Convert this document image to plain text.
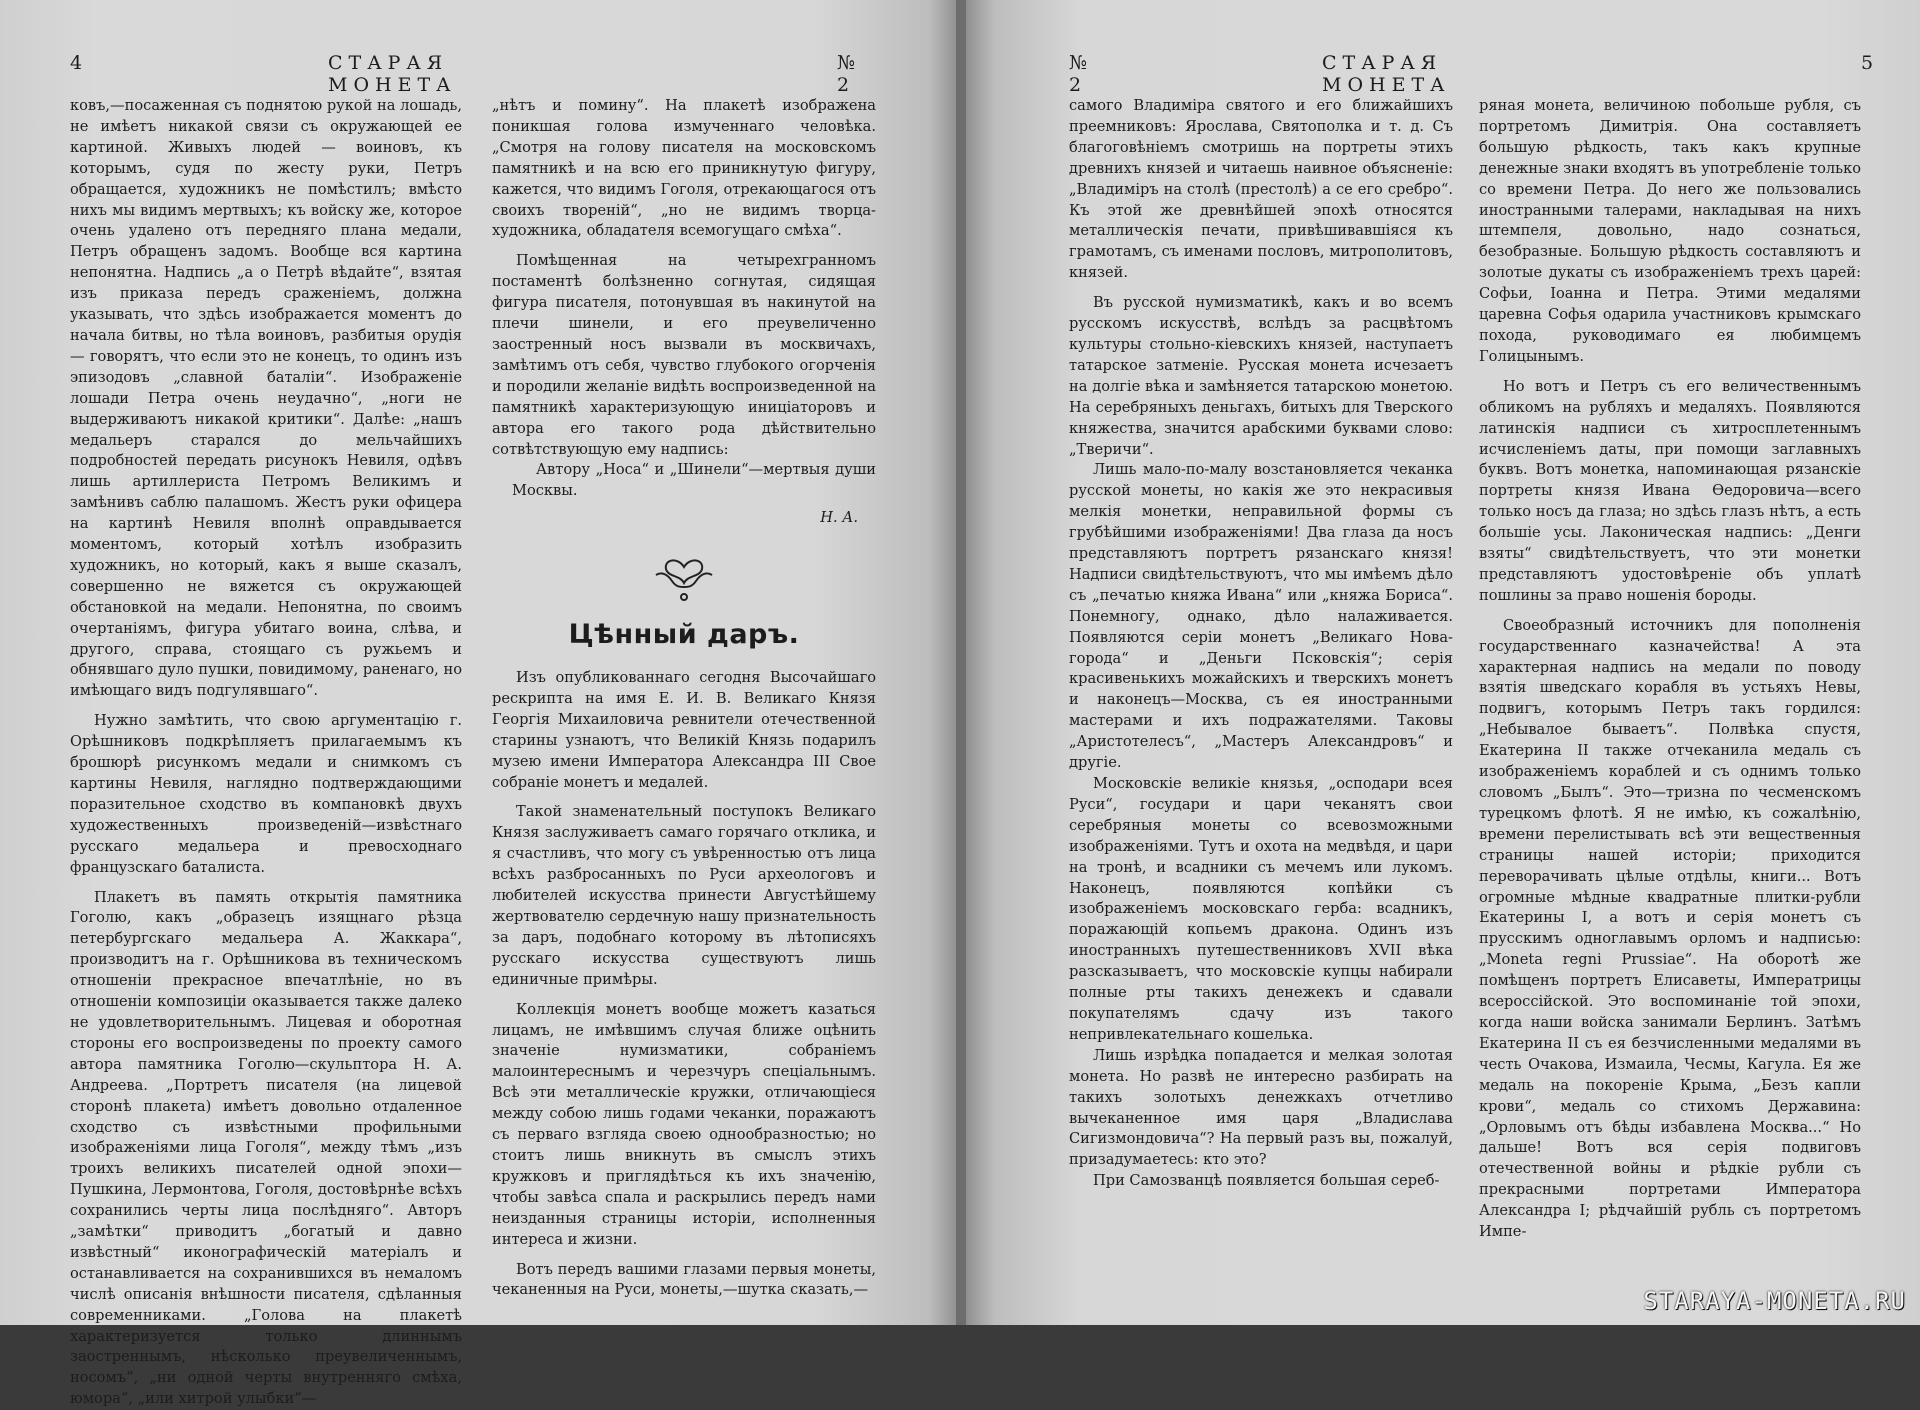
4	СТАРАЯ МОНЕТА
№ 2

ковъ,—посаженная съ поднятою рукой на лошадь, не имѣетъ никакой связи съ окружающей ее картиной. Живыхъ людей — воиновъ, къ которымъ, судя по жесту руки, Петръ обращается, художникъ не помѣстилъ; вмѣсто нихъ мы видимъ мертвыхъ; къ войску же, которое очень удалено отъ передняго плана медали, Петръ обращенъ задомъ. Вообще вся картина непонятна. Надпись „а о Петрѣ вѣдайте“, взятая изъ приказа передъ сраженіемъ, должна указывать, что здѣсь изображается моментъ до начала битвы, но тѣла воиновъ, разбитыя орудія — говорятъ, что если это не конецъ, то одинъ изъ эпизодовъ „славной баталіи“. Изображеніе лошади Петра очень неудачно“, „ноги не выдерживаютъ никакой критики“. Далѣе: „нашъ медальеръ старался до мельчайшихъ подробностей передать рисунокъ Невиля, одѣвъ лишь артиллериста Петромъ Великимъ и замѣнивъ саблю палашомъ. Жестъ руки офицера на картинѣ Невиля вполнѣ оправдывается моментомъ, который хотѣлъ изобразить художникъ, но который, какъ я выше сказалъ, совершенно не вяжется съ окружающей обстановкой на медали. Непонятна, по своимъ очертаніямъ, фигура убитаго воина, слѣва, и другого, справа, стоящаго съ ружьемъ и обнявшаго дуло пушки, повидимому, раненаго, но имѣющаго видъ подгулявшаго“.

Нужно замѣтить, что свою аргументацію г. Орѣшниковъ подкрѣпляетъ прилагаемымъ къ брошюрѣ рисункомъ медали и снимкомъ съ картины Невиля, наглядно подтверждающими поразительное сходство въ компановкѣ двухъ художественныхъ произведеній—извѣстнаго русскаго медальера и превосходнаго французскаго баталиста.

Плакетъ въ память открытія памятника Гоголю, какъ „образецъ изящнаго рѣзца петербургскаго медальера А. Жаккара“, производитъ на г. Орѣшникова въ техническомъ отношеніи прекрасное впечатлѣніе, но въ отношеніи композиціи оказывается также далеко не удовлетворительнымъ. Лицевая и оборотная стороны его воспроизведены по проекту самого автора памятника Гоголю—скульптора Н. А. Андреева. „Портретъ писателя (на лицевой сторонѣ плакета) имѣетъ довольно отдаленное сходство съ извѣстными профильными изображеніями лица Гоголя“, между тѣмъ „изъ троихъ великихъ писателей одной эпохи—Пушкина, Лермонтова, Гоголя, достовѣрнѣе всѣхъ сохранились черты лица послѣдняго“. Авторъ „замѣтки“ приводитъ „богатый и давно извѣстный“ иконографическій матеріалъ и останавливается на сохранившихся въ немаломъ числѣ описанія внѣшности писателя, сдѣланныя современниками. „Голова на плакетѣ характеризуется только длиннымъ заостреннымъ, нѣсколько преувеличеннымъ, носомъ“, „ни одной черты внутренняго смѣха, юмора“, „или хитрой улыбки“—

„нѣтъ и помину“. На плакетѣ изображена поникшая голова измученнаго человѣка. „Смотря на голову писателя на московскомъ памятникѣ и на всю его приникнутую фигуру, кажется, что видимъ Гоголя, отрекающагося отъ своихъ твореній“, „но не видимъ творца-художника, обладателя всемогущаго смѣха“.

Помѣщенная на четырехгранномъ постаментѣ болѣзненно согнутая, сидящая фигура писателя, потонувшая въ накинутой на плечи шинели, и его преувеличенно заостренный носъ вызвали въ москвичахъ, замѣтимъ отъ себя, чувство глубокого огорченія и породили желаніе видѣть воспроизведенной на памятникѣ характеризующую иниціаторовъ и автора его такого рода дѣйствительно сотвѣтствующую ему надпись:

Автору „Носа“ и „Шинели“—мертвыя души Москвы.

Н. А.
Цѣнный даръ.

Изъ опубликованнаго сегодня Высочайшаго рескрипта на имя Е. И. В. Великаго Князя Георгія Михаиловича ревнители отечественной старины узнаютъ, что Великій Князь подарилъ музею имени Императора Александра III Свое собраніе монетъ и медалей.

Такой знаменательный поступокъ Великаго Князя заслуживаетъ самаго горячаго отклика, и я счастливъ, что могу съ увѣренностью отъ лица всѣхъ разбросанныхъ по Руси археологовъ и любителей искусства принести Августѣйшему жертвователю сердечную нашу признательность за даръ, подобнаго которому въ лѣтописяхъ русскаго искусства существуютъ лишь единичные примѣры.

Коллекція монетъ вообще можетъ казаться лицамъ, не имѣвшимъ случая ближе оцѣнить значеніе нумизматики, собраніемъ малоинтереснымъ и черезчуръ спеціальнымъ. Всѣ эти металлическіе кружки, отличающіеся между собою лишь годами чеканки, поражаютъ съ перваго взгляда своею однообразностью; но стоитъ лишь вникнуть въ смыслъ этихъ кружковъ и приглядѣться къ ихъ значенію, чтобы завѣса спала и раскрылись передъ нами неизданныя страницы исторіи, исполненныя интереса и жизни.

Вотъ передъ вашими глазами первыя монеты, чеканенныя на Руси, монеты,—шутка сказать,—

№ 2
СТАРАЯ МОНЕТА
5

самого Владиміра святого и его ближайшихъ преемниковъ: Ярослава, Святополка и т. д. Съ благоговѣніемъ смотришь на портреты этихъ древнихъ князей и читаешь наивное объясненіе: „Владиміръ на столѣ (престолѣ) а се его сребро“. Къ этой же древнѣйшей эпохѣ относятся металлическія печати, привѣшивавшіяся къ грамотамъ, съ именами пословъ, митрополитовъ, князей.

Въ русской нумизматикѣ, какъ и во всемъ русскомъ искусствѣ, вслѣдъ за расцвѣтомъ культуры стольно-кіевскихъ князей, наступаетъ татарское затменіе. Русская монета исчезаетъ на долгіе вѣка и замѣняется татарскою монетою. На серебряныхъ деньгахъ, битыхъ для Тверского княжества, значится арабскими буквами слово: „Тверичи“.

Лишь мало-по-малу возстановляется чеканка русской монеты, но какія же это некрасивыя мелкія монетки, неправильной формы съ грубѣйшими изображеніями! Два глаза да носъ представляютъ портретъ рязанскаго князя! Надписи свидѣтельствуютъ, что мы имѣемъ дѣло съ „печатью княжа Ивана“ или „княжа Бориса“. Понемногу, однако, дѣло налаживается. Появляются серіи монетъ „Великаго Нова-города“ и „Деньги Псковскія“; серія красивенькихъ можайскихъ и тверскихъ монетъ и наконецъ—Москва, съ ея иностранными мастерами и ихъ подражателями. Таковы „Аристотелесъ“, „Мастеръ Александровъ“ и другіе.

Московскіе великіе князья, „осподари всея Руси“, государи и цари чеканятъ свои серебряныя монеты со всевозможными изображеніями. Тутъ и охота на медвѣдя, и цари на тронѣ, и всадники съ мечемъ или лукомъ. Наконецъ, появляются копѣйки съ изображеніемъ московскаго герба: всадникъ, поражающій копьемъ дракона. Одинъ изъ иностранныхъ путешественниковъ XVII вѣка разсказываетъ, что московскіе купцы набирали полные рты такихъ денежекъ и сдавали покупателямъ сдачу изъ такого непривлекательнаго кошелька.

Лишь изрѣдка попадается и мелкая золотая монета. Но развѣ не интересно разбирать на такихъ золотыхъ денежкахъ отчетливо вычеканенное имя царя „Владислава Сигизмондовича“? На первый разъ вы, пожалуй, призадумаетесь: кто это?

При Самозванцѣ появляется большая сереб-

ряная монета, величиною побольше рубля, съ портретомъ Димитрія. Она составляетъ большую рѣдкость, такъ какъ крупные денежные знаки входятъ въ употребленіе только со времени Петра. До него же пользовались иностранными талерами, накладывая на нихъ штемпеля, довольно, надо сознаться, безобразные. Большую рѣдкость составляютъ и золотые дукаты съ изображеніемъ трехъ царей: Софьи, Іоанна и Петра. Этими медалями царевна Софья одарила участниковъ крымскаго похода, руководимаго ея любимцемъ Голицынымъ.

Но вотъ и Петръ съ его величественнымъ обликомъ на рубляхъ и медаляхъ. Появляются латинскія надписи съ хитросплетеннымъ исчисленіемъ даты, при помощи заглавныхъ буквъ. Вотъ монетка, напоминающая рязанскіе портреты князя Ивана Ѳедоровича—всего только носъ да глаза; но здѣсь глазъ нѣтъ, а есть большіе усы. Лаконическая надпись: „Денги взяты“ свидѣтельствуетъ, что эти монетки представляютъ удостовѣреніе объ уплатѣ пошлины за право ношенія бороды.

Своеобразный источникъ для пополненія государственнаго казначейства! А эта характерная надпись на медали по поводу взятія шведскаго корабля въ устьяхъ Невы, подвигъ, которымъ Петръ такъ гордился: „Небывалое бываетъ“. Полвѣка спустя, Екатерина II также отчеканила медаль съ изображеніемъ кораблей и съ однимъ только словомъ „Былъ“. Это—тризна по чесменскомъ турецкомъ флотѣ. Я не имѣю, къ сожалѣнію, времени перелистывать всѣ эти вещественныя страницы нашей исторіи; приходится переворачивать цѣлые отдѣлы, книги... Вотъ огромные мѣдные квадратные плитки-рубли Екатерины I, а вотъ и серія монетъ съ прусскимъ одноглавымъ орломъ и надписью: „Moneta regni Prussiae“. На оборотѣ же помѣщенъ портретъ Елисаветы, Императрицы всероссійской. Это воспоминаніе той эпохи, когда наши войска занимали Берлинъ. Затѣмъ Екатерина II съ ея безчисленными медалями въ честь Очакова, Измаила, Чесмы, Кагула. Ея же медаль на покореніе Крыма, „Безъ капли крови“, медаль со стихомъ Державина: „Орловымъ отъ бѣды избавлена Москва...“ Но дальше! Вотъ вся серія подвиговъ отечественной войны и рѣдкіе рубли съ прекрасными портретами Императора Александра I; рѣдчайшій рубль съ портретомъ Импе-

STARAYA-MONETA.RU
